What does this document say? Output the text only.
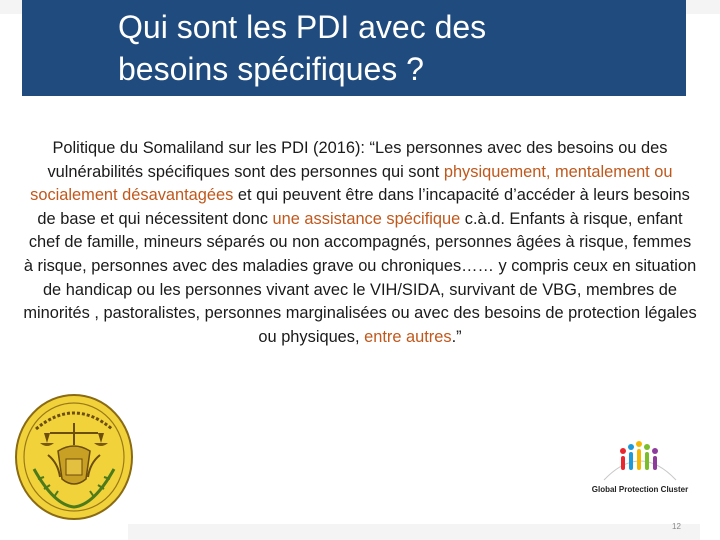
Qui sont les PDI avec des
besoins spécifiques ?
Politique du Somaliland sur les PDI (2016): “Les personnes avec des besoins ou des vulnérabilités spécifiques sont des personnes qui sont physiquement, mentalement ou socialement désavantagées et qui peuvent être dans l’incapacité d’accéder à leurs besoins de base et qui nécessitent donc une assistance spécifique c.à.d. Enfants à risque, enfant chef de famille, mineurs séparés ou non accompagnés, personnes âgées à risque, femmes à risque, personnes avec des maladies grave ou chroniques…… y compris ceux en situation de handicap ou les personnes vivant avec le VIH/SIDA, survivant de VBG, membres de minorités , pastoralistes, personnes marginalisées ou avec des besoins de protection légales ou physiques, entre autres.”
Global Protection Cluster
12
